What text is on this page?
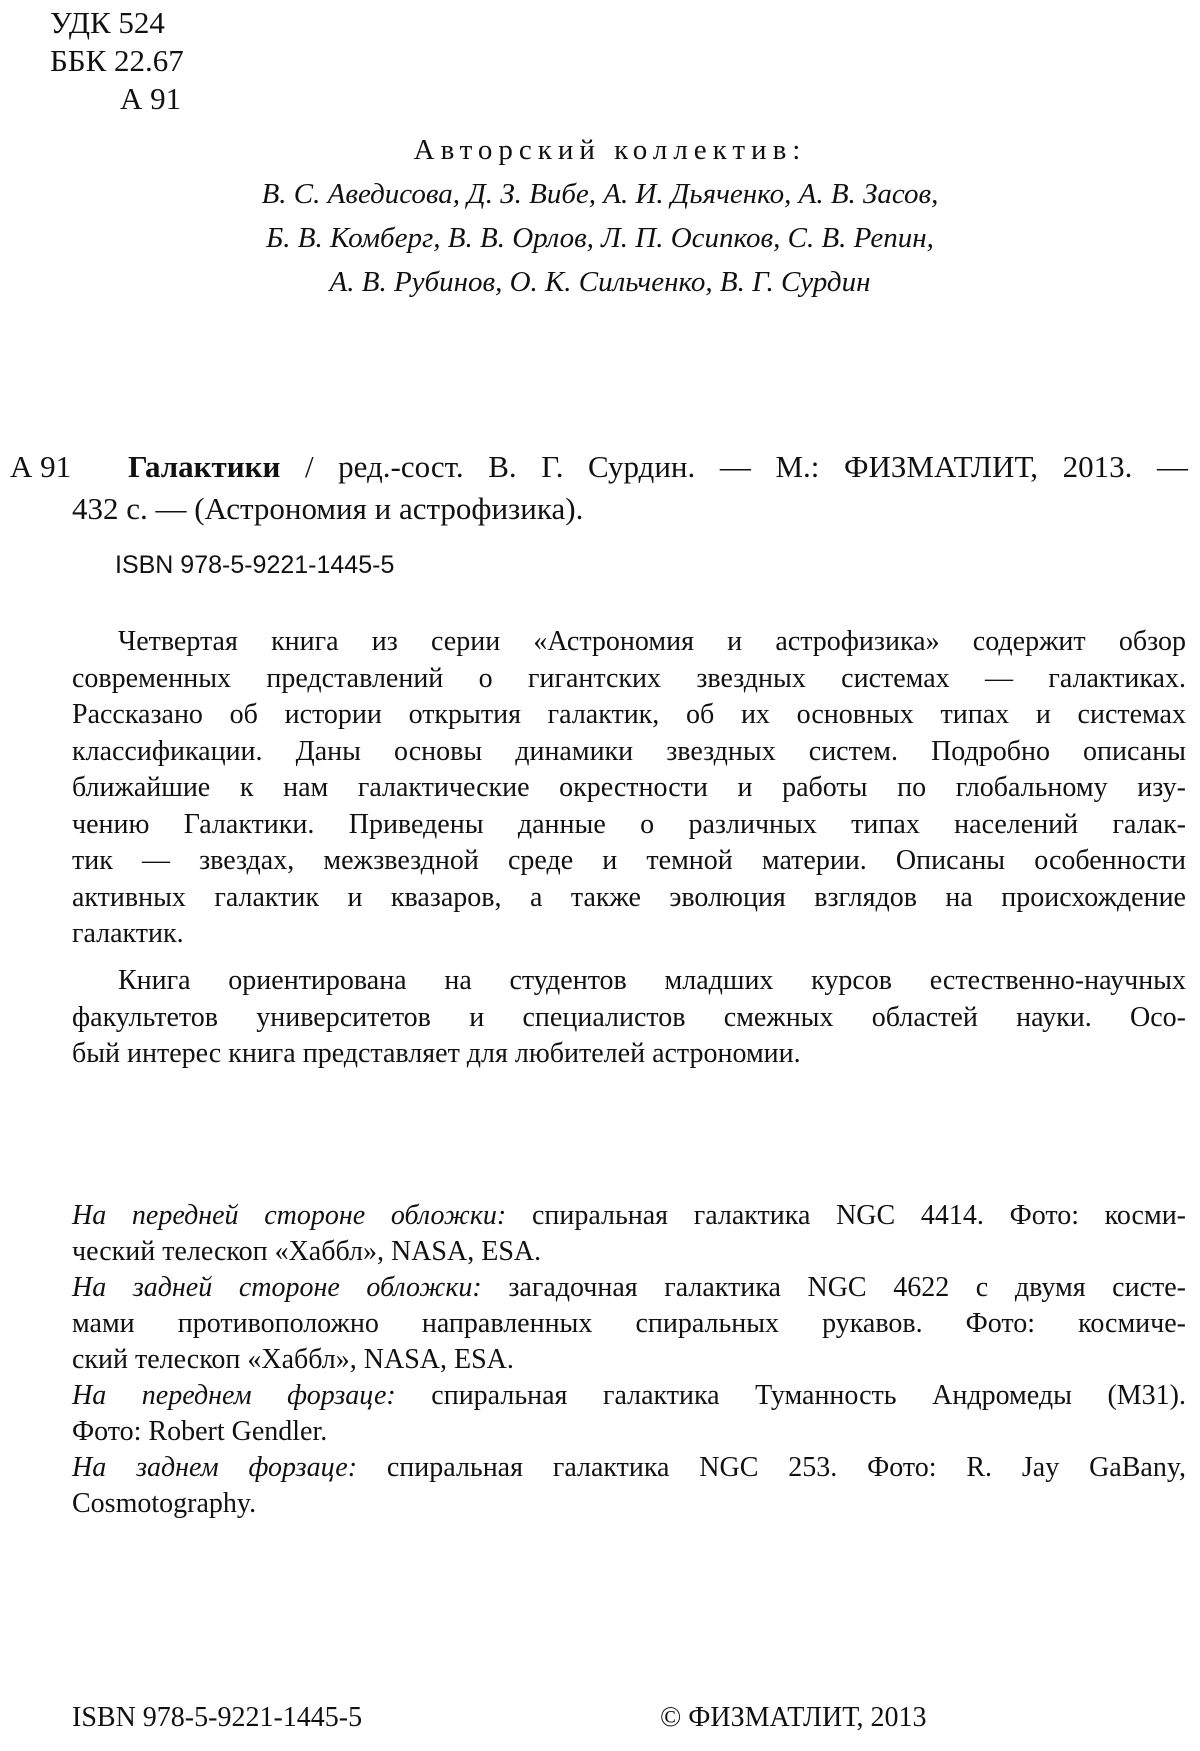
УДК 524
ББК 22.67
А 91
Авторский коллектив:
В. С. Аведисова, Д. З. Вибе, А. И. Дьяченко, А. В. Засов,
Б. В. Комберг, В. В. Орлов, Л. П. Осипков, С. В. Репин,
А. В. Рубинов, О. К. Сильченко, В. Г. Сурдин
А 91 Галактики / ред.-сост. В. Г. Сурдин. — М.: ФИЗМАТЛИТ, 2013. —
432 с. — (Астрономия и астрофизика).
ISBN 978-5-9221-1445-5
Четвертая книга из серии «Астрономия и астрофизика» содержит обзор
современных представлений о гигантских звездных системах — галактиках.
Рассказано об истории открытия галактик, об их основных типах и системах
классификации. Даны основы динамики звездных систем. Подробно описаны
ближайшие к нам галактические окрестности и работы по глобальному изу-
чению Галактики. Приведены данные о различных типах населений галак-
тик — звездах, межзвездной среде и темной материи. Описаны особенности
активных галактик и квазаров, а также эволюция взглядов на происхождение
галактик.
Книга ориентирована на студентов младших курсов естественно-научных
факультетов университетов и специалистов смежных областей науки. Осо-
бый интерес книга представляет для любителей астрономии.
На передней стороне обложки: спиральная галактика NGC 4414. Фото: косми-
ческий телескоп «Хаббл», NASA, ESA.
На задней стороне обложки: загадочная галактика NGC 4622 с двумя систе-
мами противоположно направленных спиральных рукавов. Фото: космиче-
ский телескоп «Хаббл», NASA, ESA.
На переднем форзаце: спиральная галактика Туманность Андромеды (М31).
Фото: Robert Gendler.
На заднем форзаце: спиральная галактика NGC 253. Фото: R. Jay GaBany,
Cosmotography.
ISBN 978-5-9221-1445-5	© ФИЗМАТЛИТ, 2013
